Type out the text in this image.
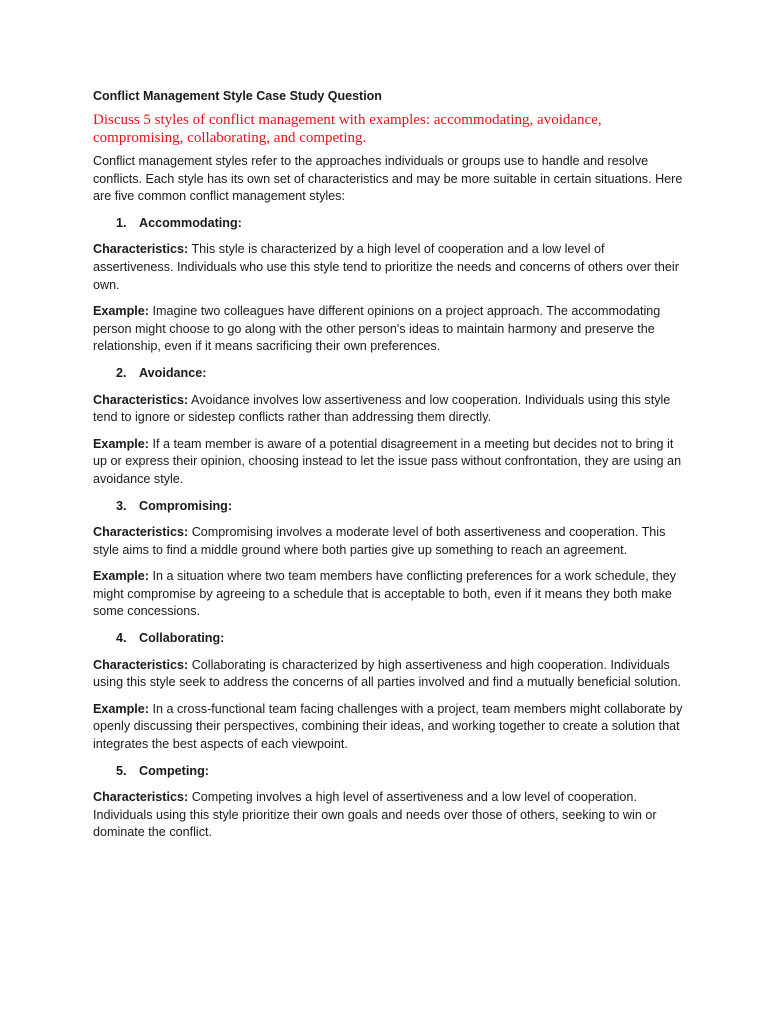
Conflict Management Style Case Study Question
Discuss 5 styles of conflict management with examples: accommodating, avoidance, compromising, collaborating, and competing.

Conflict management styles refer to the approaches individuals or groups use to handle and resolve conflicts. Each style has its own set of characteristics and may be more suitable in certain situations. Here are five common conflict management styles:

1. Accommodating:

Characteristics: This style is characterized by a high level of cooperation and a low level of assertiveness. Individuals who use this style tend to prioritize the needs and concerns of others over their own.

Example: Imagine two colleagues have different opinions on a project approach. The accommodating person might choose to go along with the other person's ideas to maintain harmony and preserve the relationship, even if it means sacrificing their own preferences.

2. Avoidance:

Characteristics: Avoidance involves low assertiveness and low cooperation. Individuals using this style tend to ignore or sidestep conflicts rather than addressing them directly.

Example: If a team member is aware of a potential disagreement in a meeting but decides not to bring it up or express their opinion, choosing instead to let the issue pass without confrontation, they are using an avoidance style.

3. Compromising:

Characteristics: Compromising involves a moderate level of both assertiveness and cooperation. This style aims to find a middle ground where both parties give up something to reach an agreement.

Example: In a situation where two team members have conflicting preferences for a work schedule, they might compromise by agreeing to a schedule that is acceptable to both, even if it means they both make some concessions.

4. Collaborating:

Characteristics: Collaborating is characterized by high assertiveness and high cooperation. Individuals using this style seek to address the concerns of all parties involved and find a mutually beneficial solution.

Example: In a cross-functional team facing challenges with a project, team members might collaborate by openly discussing their perspectives, combining their ideas, and working together to create a solution that integrates the best aspects of each viewpoint.

5. Competing:

Characteristics: Competing involves a high level of assertiveness and a low level of cooperation. Individuals using this style prioritize their own goals and needs over those of others, seeking to win or dominate the conflict.
